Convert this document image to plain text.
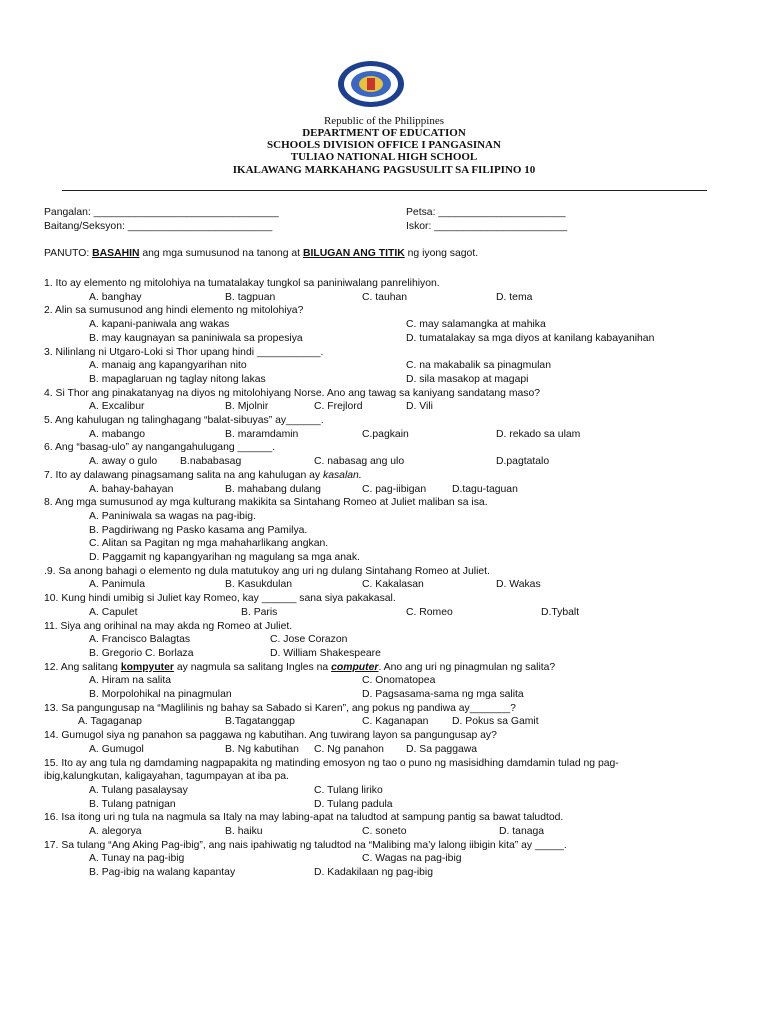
Republic of the Philippines
DEPARTMENT OF EDUCATION
SCHOOLS DIVISION OFFICE I PANGASINAN
TULIAO NATIONAL HIGH SCHOOL
IKALAWANG MARKAHANG PAGSUSULIT SA FILIPINO 10
Pangalan: ________________________________	Petsa: ______________________
Baitang/Seksyon: _________________________	Iskor: _______________________
PANUTO: BASAHIN ang mga sumusunod na tanong at BILUGAN ANG TITIK ng iyong sagot.
1. Ito ay elemento ng mitolohiya na tumatalakay tungkol sa paniniwalang panrelihiyon.
A. banghay	B. tagpuan	C. tauhan	D. tema
2. Alin sa sumusunod ang hindi elemento ng mitolohiya?
A. kapani-paniwala ang wakas	C. may salamangka at mahika
B. may kaugnayan sa paniniwala sa propesiya	D. tumatalakay sa mga diyos at kanilang kabayanihan
3. Nilinlang ni Utgaro-Loki si Thor upang hindi ___________.
A. manaig ang kapangyarihan nito	C. na makabalik sa pinagmulan
B. mapaglaruan ng taglay nitong lakas	D. sila masakop at magapi
4. Si Thor ang pinakatanyag na diyos ng mitolohiyang Norse. Ano ang tawag sa kaniyang sandatang maso?
A. Excalibur	B. Mjolnir	C. Frejlord	D. Vili
5. Ang kahulugan ng talinghagang “balat-sibuyas” ay______.
A. mabango	B. maramdamin	C.pagkain	D. rekado sa ulam
6. Ang “basag-ulo” ay nangangahulugang ______.
A. away o gulo B.nababasag	C. nabasag ang ulo	D.pagtatalo
7. Ito ay dalawang pinagsamang salita na ang kahulugan ay kasalan.
A. bahay-bahayan	B. mahabang dulang	C. pag-iibigan D.tagu-taguan
8. Ang mga sumusunod ay mga kulturang makikita sa Sintahang Romeo at Juliet maliban sa isa.
A. Paniniwala sa wagas na pag-ibig.
B. Pagdiriwang ng Pasko kasama ang Pamilya.
C. Alitan sa Pagitan ng mga mahaharlikang angkan.
D. Paggamit ng kapangyarihan ng magulang sa mga anak.
.9. Sa anong bahagi o elemento ng dula matutukoy ang uri ng dulang Sintahang Romeo at Juliet.
A. Panimula	B. Kasukdulan	C. Kakalasan	D. Wakas
10. Kung hindi umibig si Juliet kay Romeo, kay ______ sana siya pakakasal.
A. Capulet	B. Paris	C. Romeo	D.Tybalt
11. Siya ang orihinal na may akda ng Romeo at Juliet.
A. Francisco Balagtas	C. Jose Corazon
B. Gregorio C. Borlaza	D. William Shakespeare
12. Ang salitang kompyuter ay nagmula sa salitang Ingles na computer. Ano ang uri ng pinagmulan ng salita?
A. Hiram na salita	C. Onomatopea
B. Morpolohikal na pinagmulan	D. Pagsasama-sama ng mga salita
13. Sa pangungusap na “Maglilinis ng bahay sa Sabado si Karen”, ang pokus ng pandiwa ay_______?
A. Tagaganap	B.Tagatanggap	C. Kaganapan D. Pokus sa Gamit
14. Gumugol siya ng panahon sa paggawa ng kabutihan. Ang tuwirang layon sa pangungusap ay?
A. Gumugol	B. Ng kabutihan C. Ng panahon D. Sa paggawa
15. Ito ay ang tula ng damdaming nagpapakita ng matinding emosyon ng tao o puno ng masisidhing damdamin tulad ng pag-
ibig,kalungkutan, kaligayahan, tagumpayan at iba pa.
A. Tulang pasalaysay	C. Tulang liriko
B. Tulang patnigan	D. Tulang padula
16. Isa itong uri ng tula na nagmula sa Italy na may labing-apat na taludtod at sampung pantig sa bawat taludtod.
A. alegorya	B. haiku	C. soneto	D. tanaga
17. Sa tulang “Ang Aking Pag-ibig”, ang nais ipahiwatig ng taludtod na “Malibing ma’y lalong iibigin kita” ay _____.
A. Tunay na pag-ibig	C. Wagas na pag-ibig
B. Pag-ibig na walang kapantay	D. Kadakilaan ng pag-ibig
